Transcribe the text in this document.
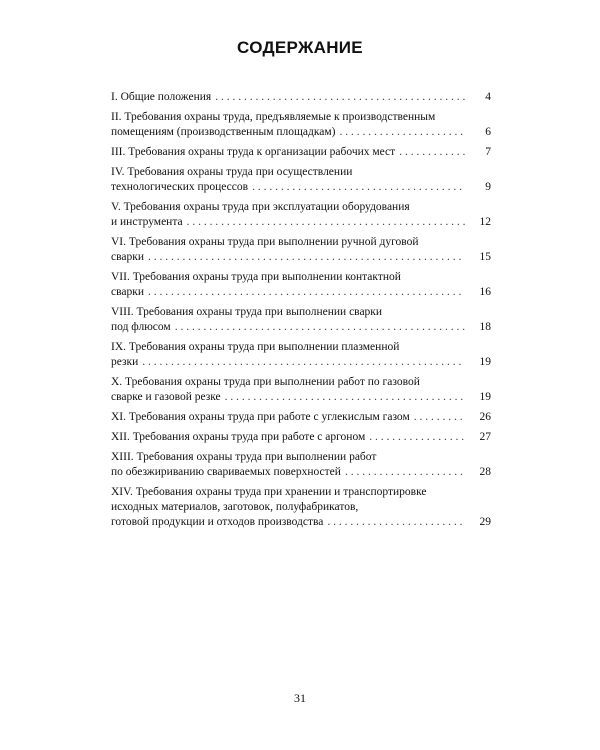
СОДЕРЖАНИЕ
I. Общие положения . . .	4
II. Требования охраны труда, предъявляемые к производственным
помещениям (производственным площадкам) . . .	6
III. Требования охраны труда к организации рабочих мест . . .	7
IV. Требования охраны труда при осуществлении
технологических процессов . . .	9
V. Требования охраны труда при эксплуатации оборудования
и инструмента . . .	12
VI. Требования охраны труда при выполнении ручной дуговой
сварки . . .	15
VII. Требования охраны труда при выполнении контактной
сварки . . .	16
VIII. Требования охраны труда при выполнении сварки
под флюсом . . .	18
IX. Требования охраны труда при выполнении плазменной
резки . . .	19
X. Требования охраны труда при выполнении работ по газовой
сварке и газовой резке . . .	19
XI. Требования охраны труда при работе с углекислым газом . . .	26
XII. Требования охраны труда при работе с аргоном . . .	27
XIII. Требования охраны труда при выполнении работ
по обезжириванию свариваемых поверхностей . . .	28
XIV. Требования охраны труда при хранении и транспортировке
исходных материалов, заготовок, полуфабрикатов,
готовой продукции и отходов производства . . .	29
31
